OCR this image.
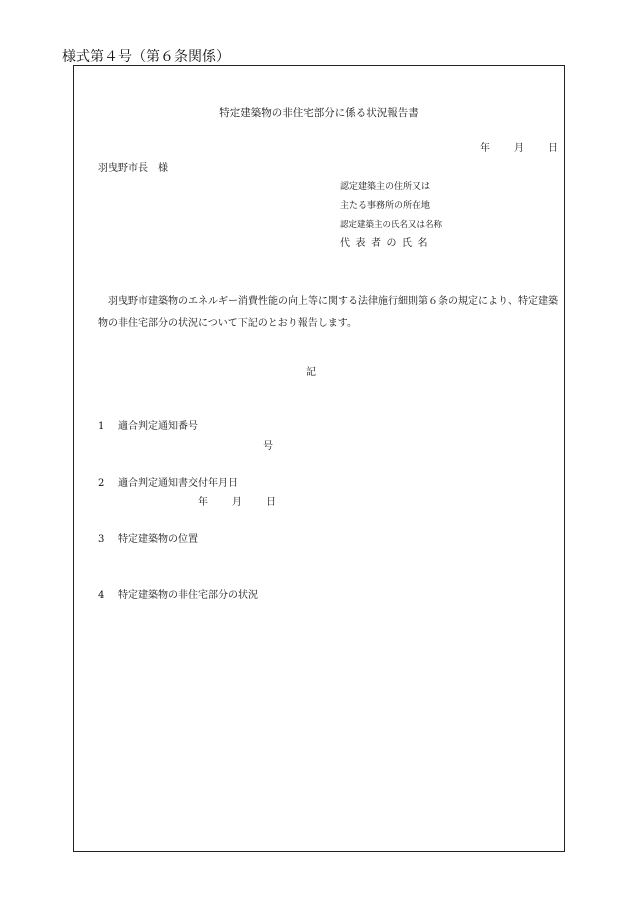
様式第４号（第６条関係）
特定建築物の非住宅部分に係る状況報告書
年 月 日
羽曳野市長　様
認定建築主の住所又は
主たる事務所の所在地
認定建築主の氏名又は名称
代表者の氏名
羽曳野市建築物のエネルギー消費性能の向上等に関する法律施行細則第６条の規定により、特定建築物の非住宅部分の状況について下記のとおり報告します。
記
1 適合判定通知番号
号
2 適合判定通知書交付年月日
年 月 日
3 特定建築物の位置
4 特定建築物の非住宅部分の状況
